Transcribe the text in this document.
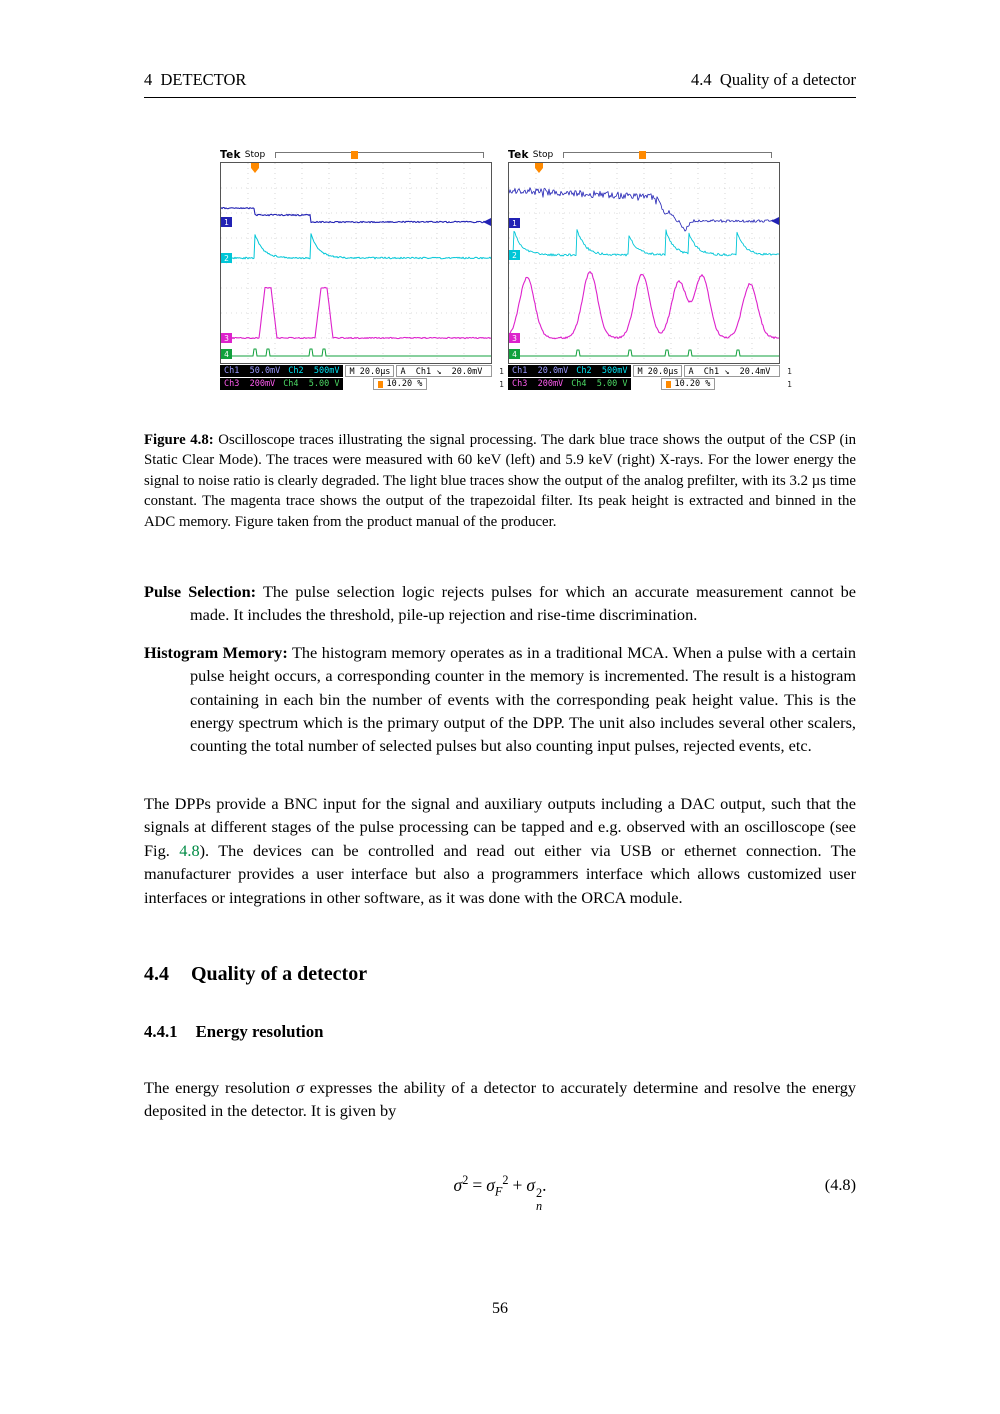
4  DETECTOR	4.4  Quality of a detector
Tek Stop
1
2
3
4
Ch1  50.0mV Ch2  500mV	M 20.0µs	A  Ch1 ↘  20.0mV
Ch3  200mV Ch4  5.00 V	10.20 %
1
1
Tek Stop
1
2
3
4
Ch1  20.0mV Ch2  500mV	M 20.0µs	A  Ch1 ↘  20.4mV
Ch3  200mV Ch4  5.00 V	10.20 %
1
1

Figure 4.8: Oscilloscope traces illustrating the signal processing. The dark blue trace shows the output of the CSP (in Static Clear Mode). The traces were measured with 60 keV (left) and 5.9 keV (right) X-rays. For the lower energy the signal to noise ratio is clearly degraded. The light blue traces show the output of the analog prefilter, with its 3.2 µs time constant. The magenta trace shows the output of the trapezoidal filter. Its peak height is extracted and binned in the ADC memory. Figure taken from the product manual of the producer.

Pulse Selection: The pulse selection logic rejects pulses for which an accurate measurement cannot be made. It includes the threshold, pile-up rejection and rise-time discrimination.

Histogram Memory: The histogram memory operates as in a traditional MCA. When a pulse with a certain pulse height occurs, a corresponding counter in the memory is incremented. The result is a histogram containing in each bin the number of events with the corresponding peak height value. This is the energy spectrum which is the primary output of the DPP. The unit also includes several other scalers, counting the total number of selected pulses but also counting input pulses, rejected events, etc.

The DPPs provide a BNC input for the signal and auxiliary outputs including a DAC output, such that the signals at different stages of the pulse processing can be tapped and e.g. observed with an oscilloscope (see Fig. 4.8). The devices can be controlled and read out either via USB or ethernet connection. The manufacturer provides a user interface but also a programmers interface which allows customized user interfaces or integrations in other software, as it was done with the ORCA module.

4.4 Quality of a detector
4.4.1 Energy resolution

The energy resolution σ expresses the ability of a detector to accurately determine and resolve the energy deposited in the detector. It is given by

$\sigma^2 = \sigma_F^2 + \sigma$ 2
n
.	(4.8)
56
